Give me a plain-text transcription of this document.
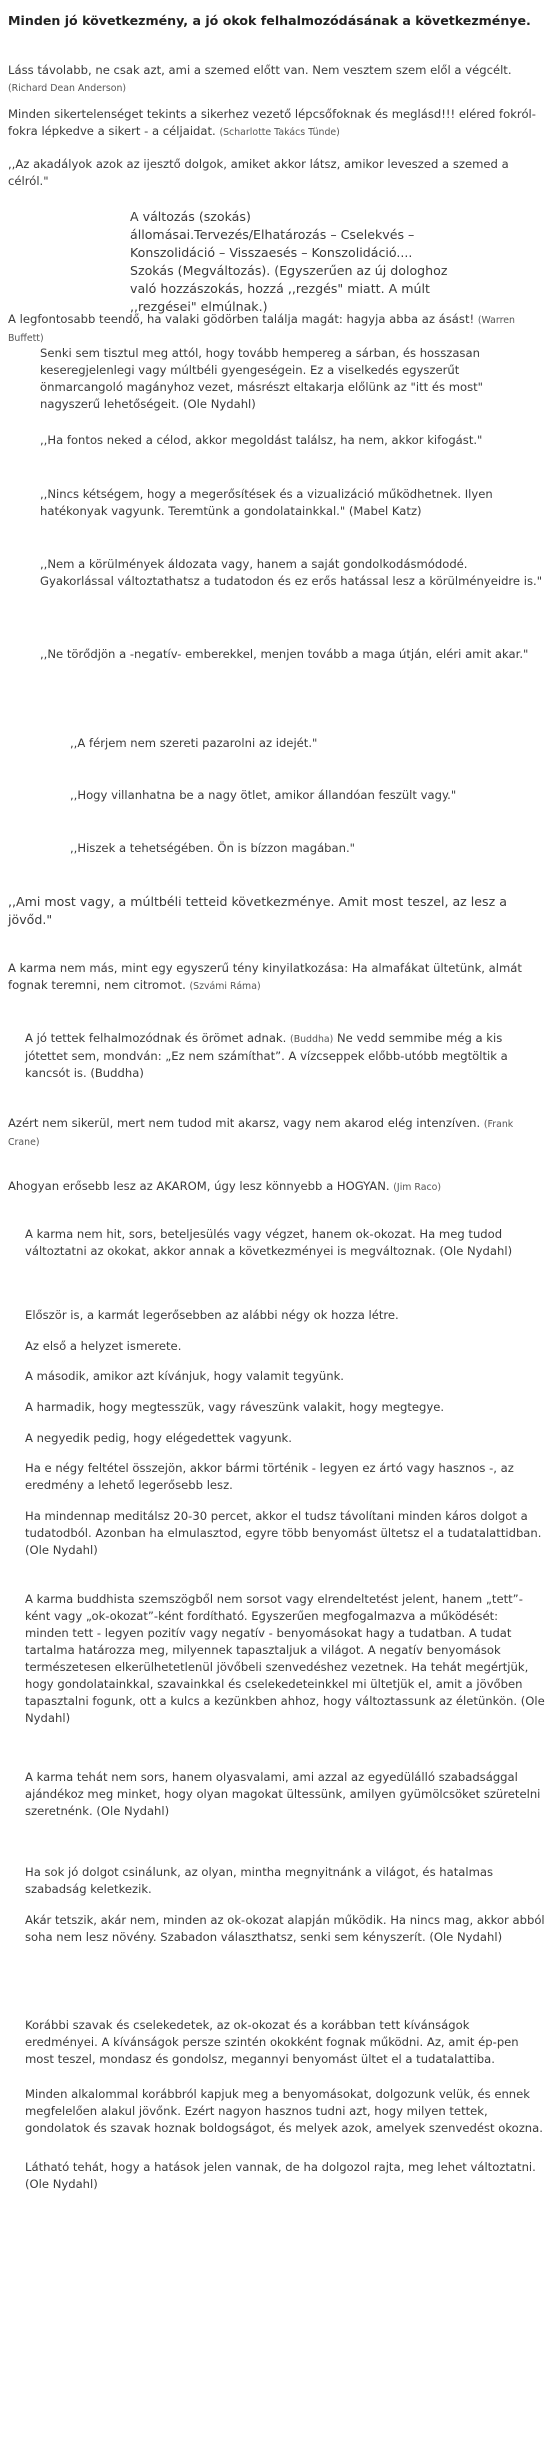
Minden jó következmény, a jó okok felhalmozódásának a következménye.

Láss távolabb, ne csak azt, ami a szemed előtt van. Nem vesztem szem elől a végcélt. (Richard Dean Anderson)

Minden sikertelenséget tekints a sikerhez vezető lépcsőfoknak és meglásd!!! eléred fokról-fokra lépkedve a sikert - a céljaidat. (Scharlotte Takács Tünde)

,,Az akadályok azok az ijesztő dolgok, amiket akkor látsz, amikor leveszed a szemed a célról."

A változás (szokás) állomásai.Tervezés/Elhatározás – Cselekvés – Konszolidáció – Visszaesés – Konszolidáció.... Szokás (Megváltozás). (Egyszerűen az új dologhoz való hozzászokás, hozzá ,,rezgés" miatt. A múlt ,,rezgései" elmúlnak.)

A legfontosabb teendő, ha valaki gödörben találja magát: hagyja abba az ásást! (Warren Buffett)

Senki sem tisztul meg attól, hogy tovább hempereg a sárban, és hosszasan keseregjelenlegi vagy múltbéli gyengeségein. Ez a viselkedés egyszerűt önmarcangoló magányhoz vezet, másrészt eltakarja előlünk az "itt és most" nagyszerű lehetőségeit. (Ole Nydahl)

,,Ha fontos neked a célod, akkor megoldást találsz, ha nem, akkor kifogást."

,,Nincs kétségem, hogy a megerősítések és a vizualizáció működhetnek. Ilyen hatékonyak vagyunk. Teremtünk a gondolatainkkal." (Mabel Katz)

,,Nem a körülmények áldozata vagy, hanem a saját gondolkodásmódodé. Gyakorlással változtathatsz a tudatodon és ez erős hatással lesz a körülményeidre is."

,,Ne törődjön a -negatív- emberekkel, menjen tovább a maga útján, eléri amit akar."

,,A férjem nem szereti pazarolni az idejét."

,,Hogy villanhatna be a nagy ötlet, amikor állandóan feszült vagy."

,,Hiszek a tehetségében. Ön is bízzon magában."

,,Ami most vagy, a múltbéli tetteid következménye. Amit most teszel, az lesz a jövőd."

A karma nem más, mint egy egyszerű tény kinyilatkozása: Ha almafákat ültetünk, almát fognak teremni, nem citromot. (Szvámi Ráma)

A jó tettek felhalmozódnak és örömet adnak. (Buddha) Ne vedd semmibe még a kis jótettet sem, mondván: „Ez nem számíthat”. A vízcseppek előbb-utóbb megtöltik a kancsót is. (Buddha)

Azért nem sikerül, mert nem tudod mit akarsz, vagy nem akarod elég intenzíven. (Frank Crane)

Ahogyan erősebb lesz az AKAROM, úgy lesz könnyebb a HOGYAN. (Jim Raco)

A karma nem hit, sors, beteljesülés vagy végzet, hanem ok-okozat. Ha meg tudod változtatni az okokat, akkor annak a következményei is megváltoznak. (Ole Nydahl)

Először is, a karmát legerősebben az alábbi négy ok hozza létre.

Az első a helyzet ismerete.

A második, amikor azt kívánjuk, hogy valamit tegyünk.

A harmadik, hogy megtesszük, vagy ráveszünk valakit, hogy megtegye.

A negyedik pedig, hogy elégedettek vagyunk.

Ha e négy feltétel összejön, akkor bármi történik - legyen ez ártó vagy hasznos -, az eredmény a lehető legerősebb lesz.

Ha mindennap meditálsz 20-30 percet, akkor el tudsz távolítani minden káros dolgot a tudatodból. Azonban ha elmulasztod, egyre több benyomást ültetsz el a tudatalattidban. (Ole Nydahl)

A karma buddhista szemszögből nem sorsot vagy elrendeltetést jelent, hanem „tett”-ként vagy „ok-okozat”-ként fordítható. Egyszerűen megfogalmazva a működését: minden tett - legyen pozitív vagy negatív - benyomásokat hagy a tudatban. A tudat tartalma határozza meg, milyennek tapasztaljuk a világot. A negatív benyomások természetesen elkerülhetetlenül jövőbeli szenvedéshez vezetnek. Ha tehát megértjük, hogy gondolatainkkal, szavainkkal és cselekedeteinkkel mi ültetjük el, amit a jövőben tapasztalni fogunk, ott a kulcs a kezünkben ahhoz, hogy változtassunk az életünkön. (Ole Nydahl)

A karma tehát nem sors, hanem olyasvalami, ami azzal az egyedülálló szabadsággal ajándékoz meg minket, hogy olyan magokat ültessünk, amilyen gyümölcsöket szüretelni szeretnénk. (Ole Nydahl)

Ha sok jó dolgot csinálunk, az olyan, mintha megnyitnánk a világot, és hatalmas szabadság keletkezik.

Akár tetszik, akár nem, minden az ok-okozat alapján működik. Ha nincs mag, akkor abból soha nem lesz növény. Szabadon választhatsz, senki sem kényszerít. (Ole Nydahl)

Korábbi szavak és cselekedetek, az ok-okozat és a korábban tett kívánságok eredményei. A kívánságok persze szintén okokként fognak működni. Az, amit ép-pen most teszel, mondasz és gondolsz, megannyi benyomást ültet el a tudatalattiba.

Minden alkalommal korábbról kapjuk meg a benyomásokat, dolgozunk velük, és ennek megfelelően alakul jövőnk. Ezért nagyon hasznos tudni azt, hogy milyen tettek, gondolatok és szavak hoznak boldogságot, és melyek azok, amelyek szenvedést okozna.

Látható tehát, hogy a hatások jelen vannak, de ha dolgozol rajta, meg lehet változtatni. (Ole Nydahl)
